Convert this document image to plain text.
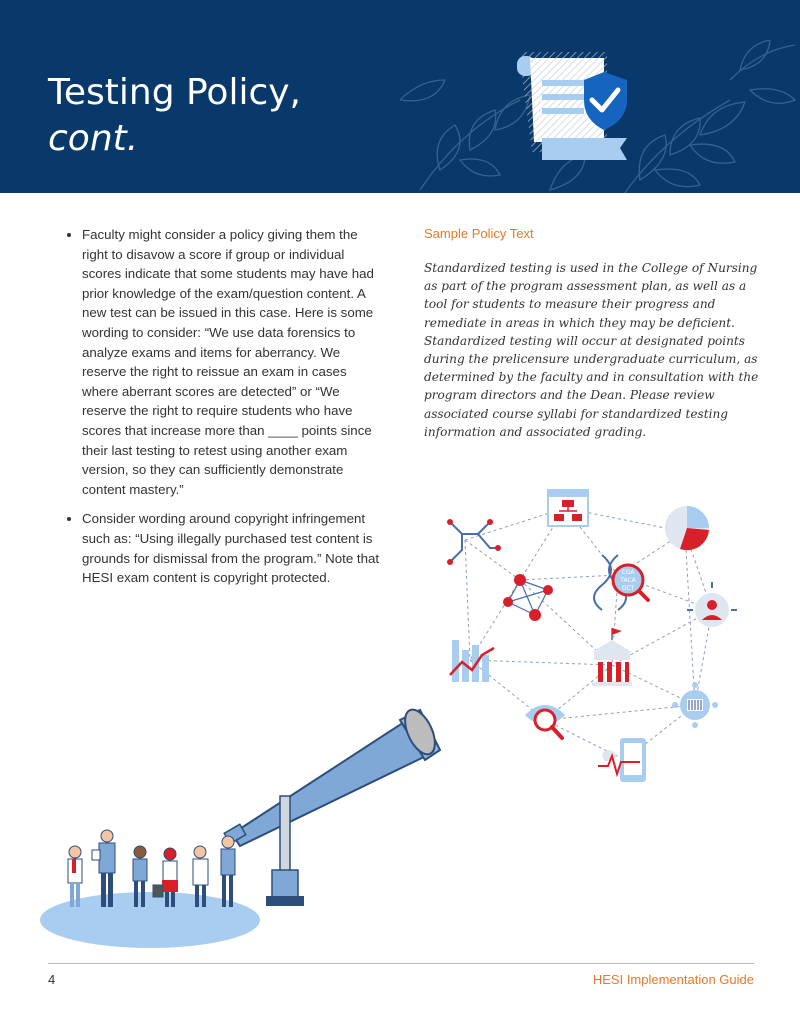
Testing Policy,
cont.
• Faculty might consider a policy giving them the right to disavow a score if group or individual scores indicate that some students may have had prior knowledge of the exam/question content. A new test can be issued in this case. Here is some wording to consider: “We use data forensics to analyze exams and items for aberrancy. We reserve the right to reissue an exam in cases where aberrant scores are detected” or “We reserve the right to require students who have scores that increase more than ____ points since their last testing to retest using another exam version, so they can sufficiently demonstrate content mastery.”
• Consider wording around copyright infringement such as: “Using illegally purchased test content is grounds for dismissal from the program.” Note that HESI exam content is copyright protected.
Sample Policy Text
Standardized testing is used in the College of Nursing as part of the program assessment plan, as well as a tool for students to measure their progress and remediate in areas in which they may be deficient. Standardized testing will occur at designated points during the prelicensure undergraduate curriculum, as determined by the faculty and in consultation with the program directors and the Dean. Please review associated course syllabi for standardized testing information and associated grading.
CGA
TACA
GCT
4	HESI Implementation Guide
